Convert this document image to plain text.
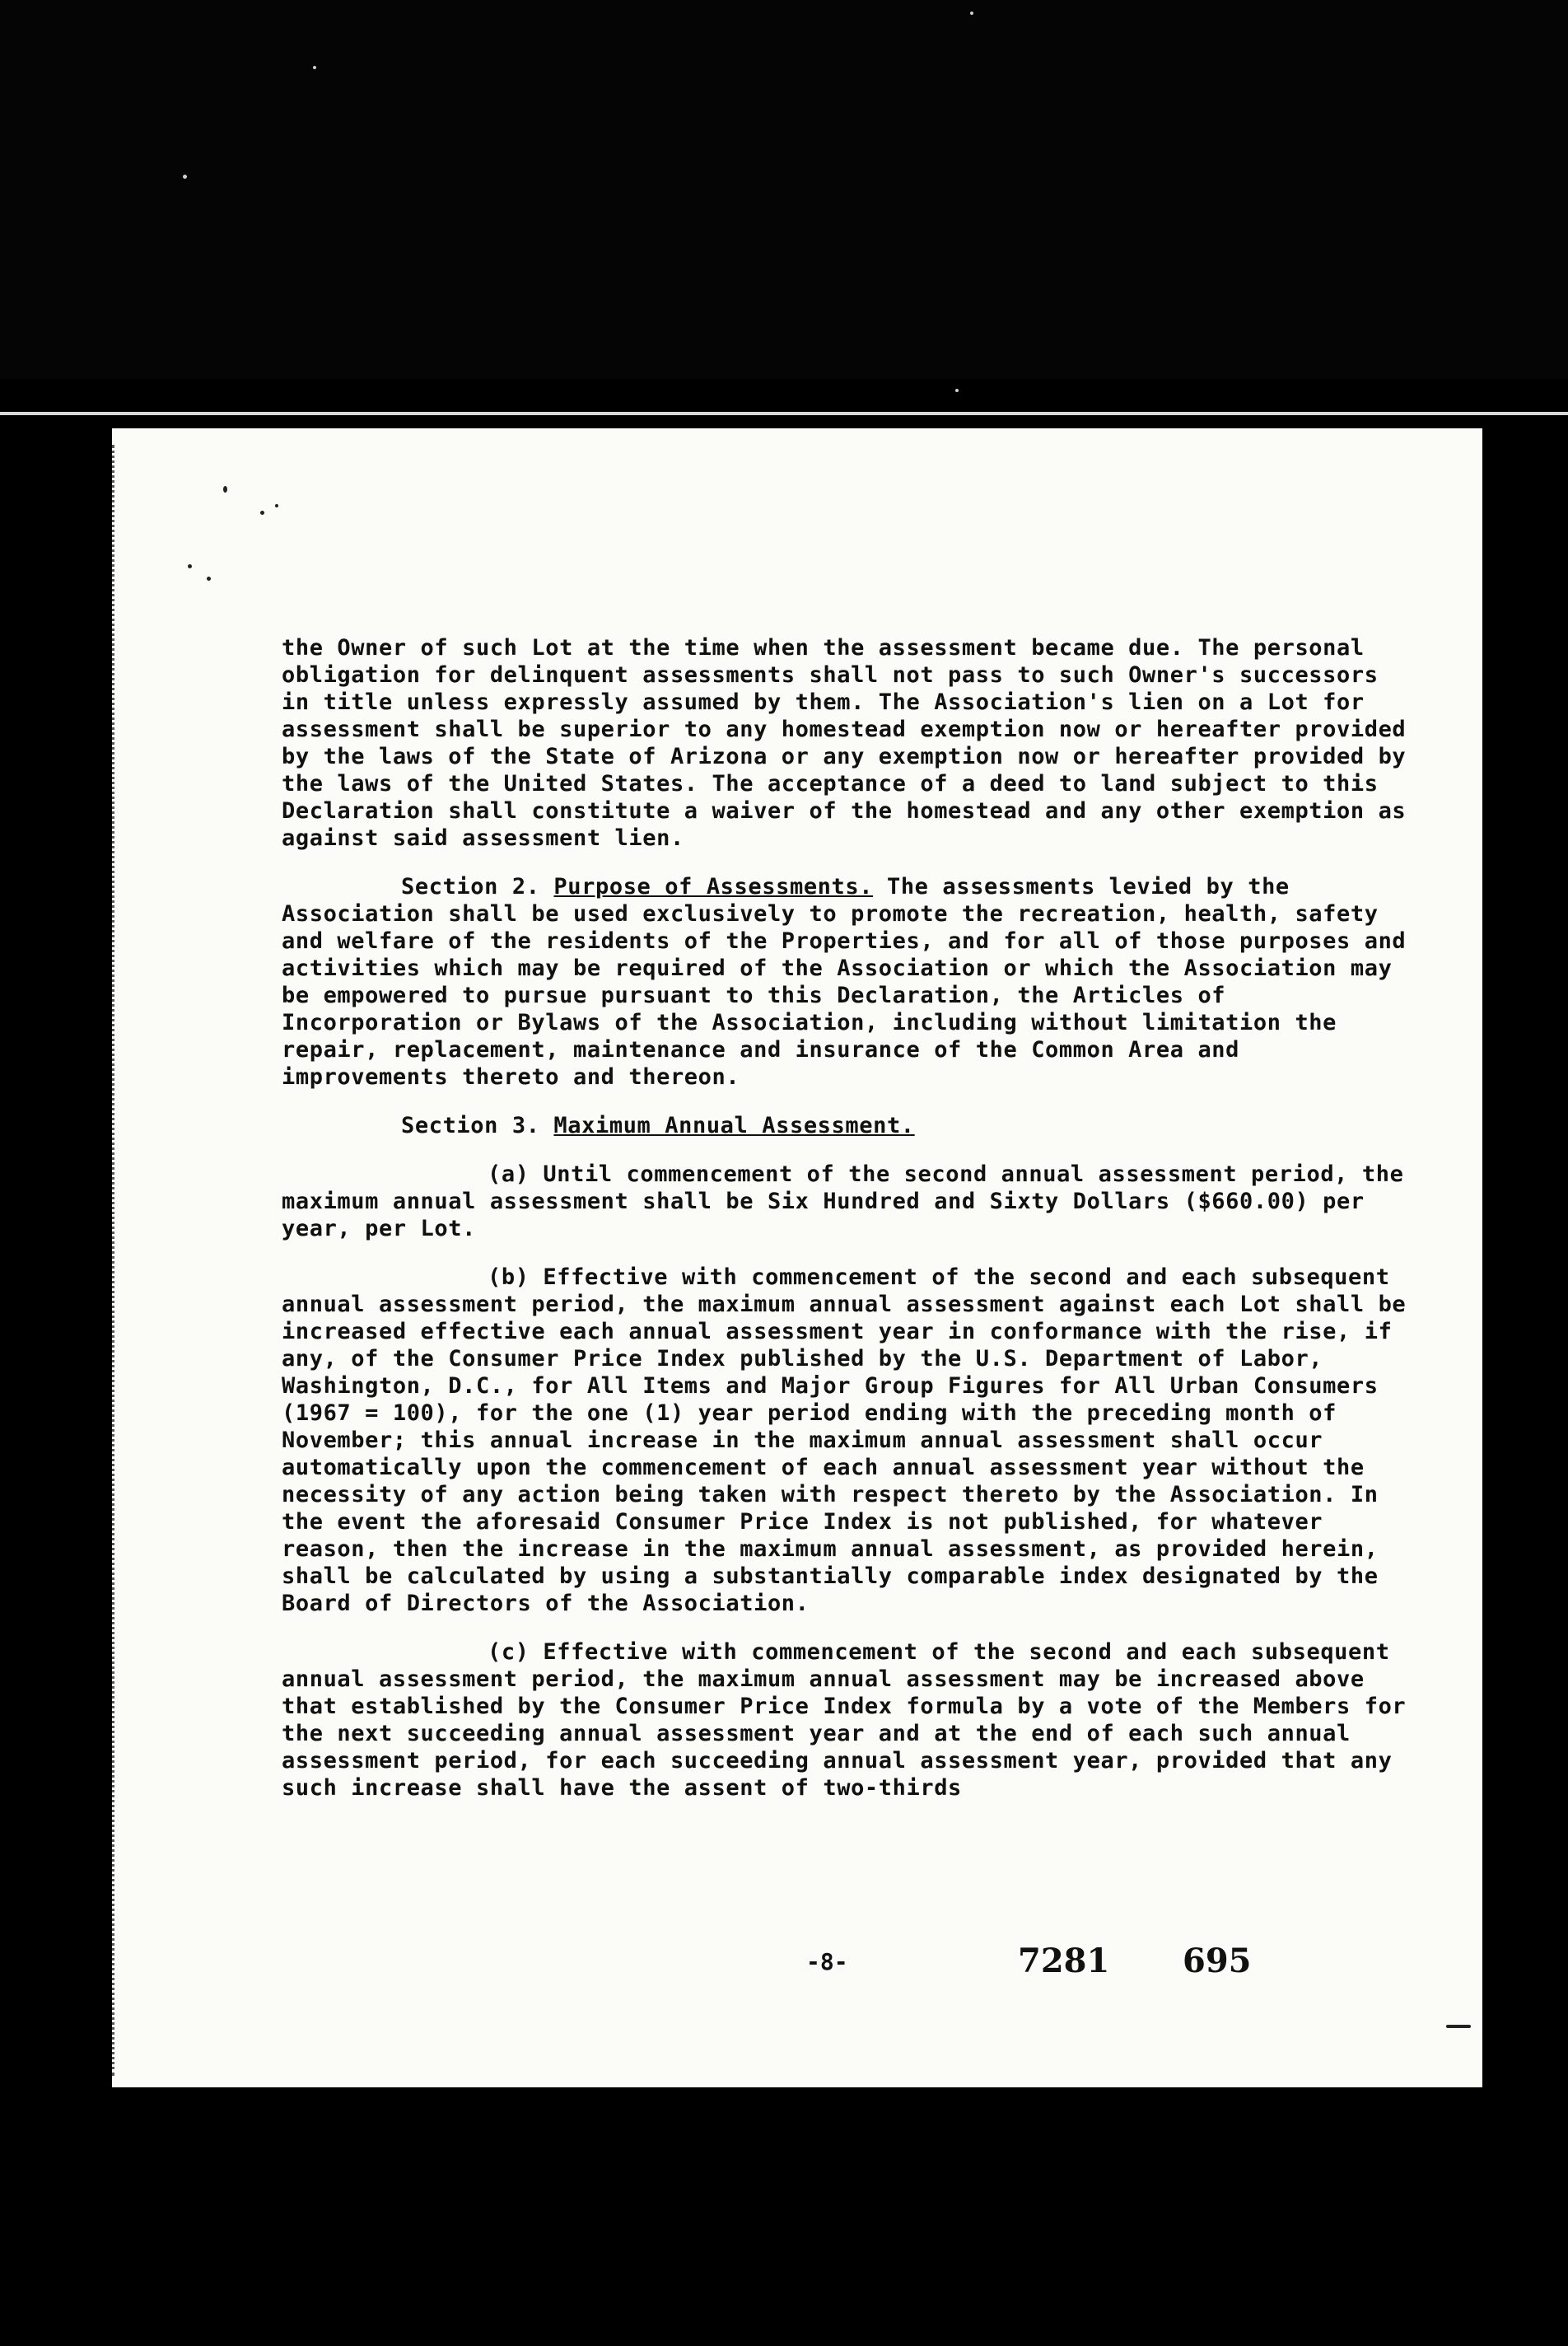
the Owner of such Lot at the time when the assessment became due. The personal obligation for delinquent assessments shall not pass to such Owner's successors in title unless expressly assumed by them. The Association's lien on a Lot for assessment shall be superior to any homestead exemption now or hereafter provided by the laws of the State of Arizona or any exemption now or hereafter provided by the laws of the United States. The acceptance of a deed to land subject to this Declaration shall constitute a waiver of the homestead and any other exemption as against said assessment lien.

Section 2. Purpose of Assessments. The assessments levied by the Association shall be used exclusively to promote the recreation, health, safety and welfare of the residents of the Properties, and for all of those purposes and activities which may be required of the Association or which the Association may be empowered to pursue pursuant to this Declaration, the Articles of Incorporation or Bylaws of the Association, including without limitation the repair, replacement, maintenance and insurance of the Common Area and improvements thereto and thereon.
Section 3. Maximum Annual Assessment.

(a) Until commencement of the second annual assessment period, the maximum annual assessment shall be Six Hundred and Sixty Dollars ($660.00) per year, per Lot.

(b) Effective with commencement of the second and each subsequent annual assessment period, the maximum annual assessment against each Lot shall be increased effective each annual assessment year in conformance with the rise, if any, of the Consumer Price Index published by the U.S. Department of Labor, Washington, D.C., for All Items and Major Group Figures for All Urban Consumers (1967 = 100), for the one (1) year period ending with the preceding month of November; this annual increase in the maximum annual assessment shall occur automatically upon the commencement of each annual assessment year without the necessity of any action being taken with respect thereto by the Association. In the event the aforesaid Consumer Price Index is not published, for whatever reason, then the increase in the maximum annual assessment, as provided herein, shall be calculated by using a substantially comparable index designated by the Board of Directors of the Association.

(c) Effective with commencement of the second and each subsequent annual assessment period, the maximum annual assessment may be increased above that established by the Consumer Price Index formula by a vote of the Members for the next succeeding annual assessment year and at the end of each such annual assessment period, for each succeeding annual assessment year, provided that any such increase shall have the assent of two-thirds

-8-	7281 695
